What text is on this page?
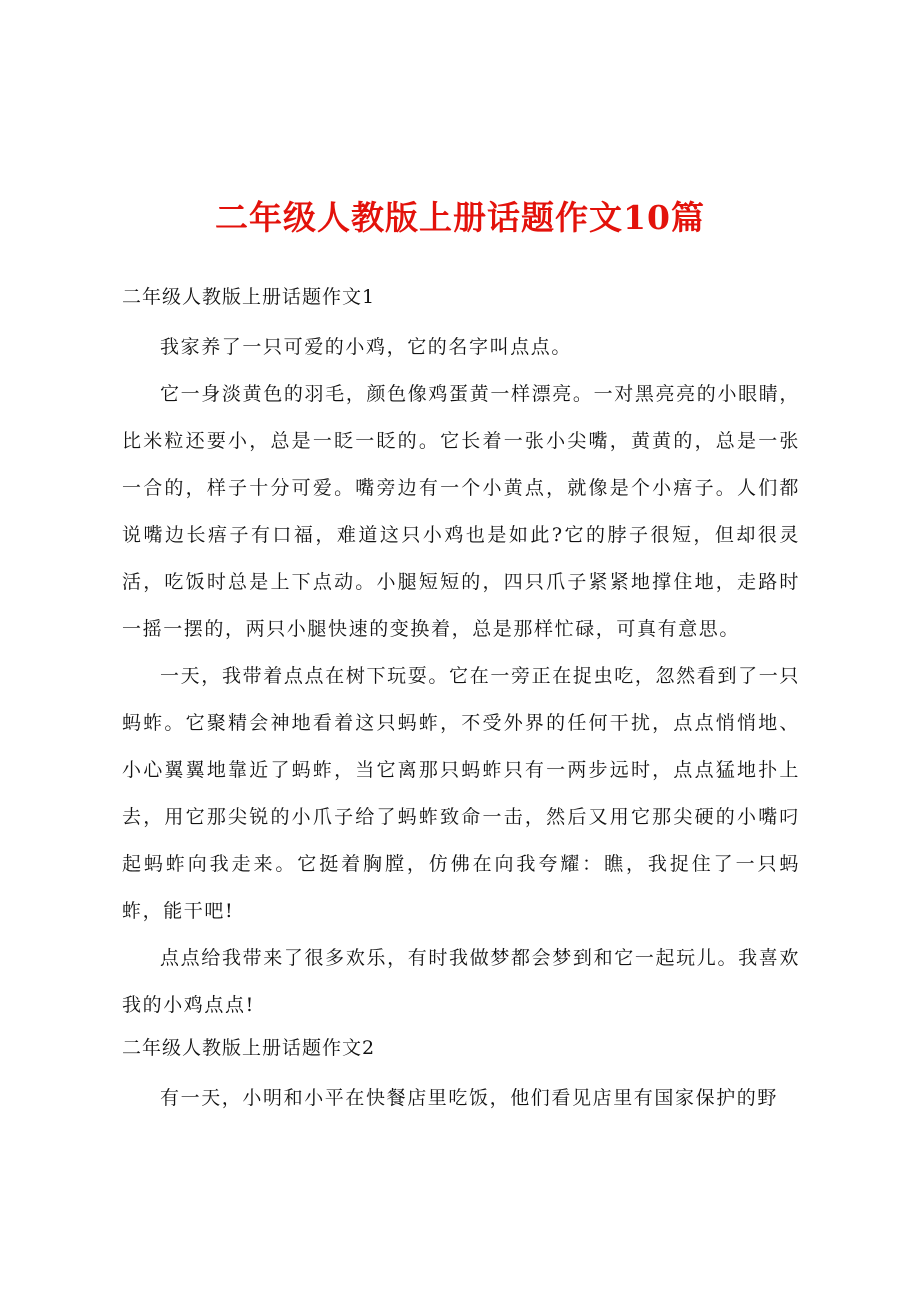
二年级人教版上册话题作文10篇

二年级人教版上册话题作文1

我家养了一只可爱的小鸡，它的名字叫点点。

它一身淡黄色的羽毛，颜色像鸡蛋黄一样漂亮。一对黑亮亮的小眼睛，比米粒还要小，总是一眨一眨的。它长着一张小尖嘴，黄黄的，总是一张一合的，样子十分可爱。嘴旁边有一个小黄点，就像是个小痦子。人们都说嘴边长痦子有口福，难道这只小鸡也是如此?它的脖子很短，但却很灵活，吃饭时总是上下点动。小腿短短的，四只爪子紧紧地撑住地，走路时一摇一摆的，两只小腿快速的变换着，总是那样忙碌，可真有意思。

一天，我带着点点在树下玩耍。它在一旁正在捉虫吃，忽然看到了一只蚂蚱。它聚精会神地看着这只蚂蚱，不受外界的任何干扰，点点悄悄地、小心翼翼地靠近了蚂蚱，当它离那只蚂蚱只有一两步远时，点点猛地扑上去，用它那尖锐的小爪子给了蚂蚱致命一击，然后又用它那尖硬的小嘴叼起蚂蚱向我走来。它挺着胸膛，仿佛在向我夸耀：瞧，我捉住了一只蚂蚱，能干吧!

点点给我带来了很多欢乐，有时我做梦都会梦到和它一起玩儿。我喜欢我的小鸡点点!

二年级人教版上册话题作文2

有一天，小明和小平在快餐店里吃饭，他们看见店里有国家保护的野
